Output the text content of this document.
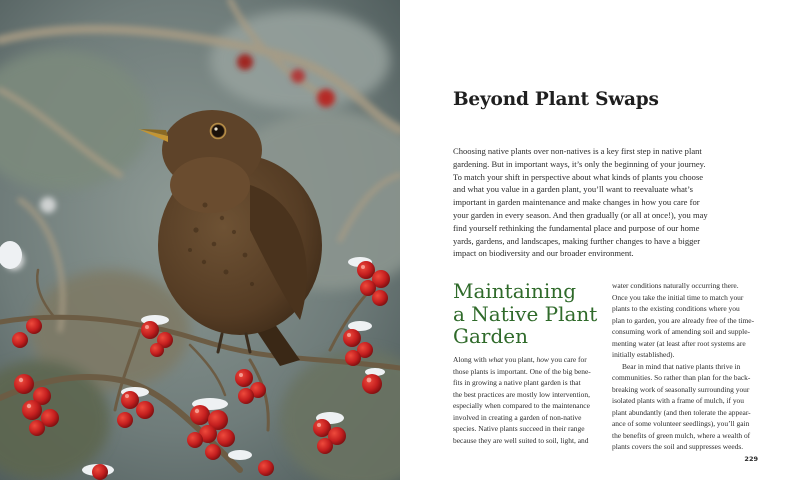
Beyond Plant Swaps

Choosing native plants over non-natives is a key first step in native plant
gardening. But in important ways, it’s only the beginning of your journey.
To match your shift in perspective about what kinds of plants you choose
and what you value in a garden plant, you’ll want to reevaluate what’s
important in garden maintenance and make changes in how you care for
your garden in every season. And then gradually (or all at once!), you may
find yourself rethinking the fundamental place and purpose of our home
yards, gardens, and landscapes, making further changes to have a bigger
impact on biodiversity and our broader environment.

Maintaining
a Native Plant
Garden

Along with what you plant, how you care for
those plants is important. One of the big bene-
fits in growing a native plant garden is that
the best practices are mostly low intervention,
especially when compared to the maintenance
involved in creating a garden of non-native
species. Native plants succeed in their range
because they are well suited to soil, light, and

water conditions naturally occurring there.
Once you take the initial time to match your
plants to the existing conditions where you
plan to garden, you are already free of the time-
consuming work of amending soil and supple-
menting water (at least after root systems are
initially established).
Bear in mind that native plants thrive in
communities. So rather than plan for the back-
breaking work of seasonally surrounding your
isolated plants with a frame of mulch, if you
plant abundantly (and then tolerate the appear-
ance of some volunteer seedlings), you’ll gain
the benefits of green mulch, where a wealth of
plants covers the soil and suppresses weeds.

229
